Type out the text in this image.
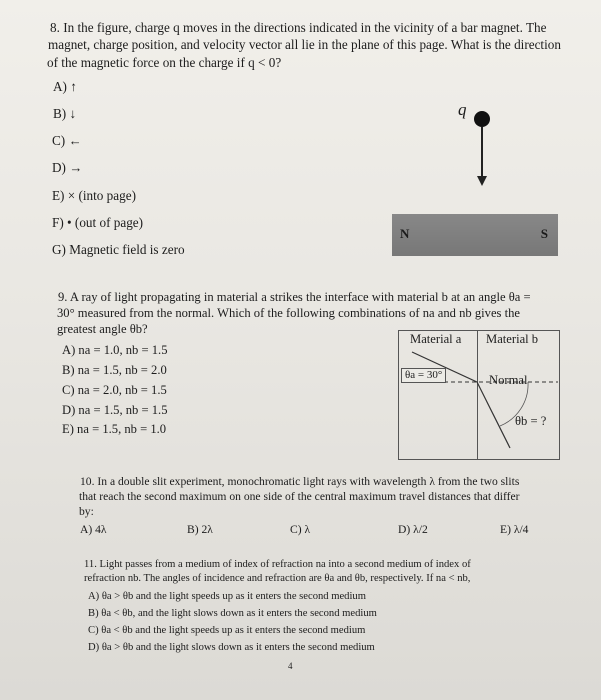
8. In the figure, charge q moves in the directions indicated in the vicinity of a bar magnet. The
magnet, charge position, and velocity vector all lie in the plane of this page. What is the direction
of the magnetic force on the charge if q < 0?
A) ↑
B) ↓
C) ←
D) →
E) × (into page)
F) • (out of page)
G) Magnetic field is zero
q
N	S
9. A ray of light propagating in material a strikes the interface with material b at an angle θa =
30° measured from the normal. Which of the following combinations of na and nb gives the
greatest angle θb?
A) na = 1.0, nb = 1.5
B) na = 1.5, nb = 2.0
C) na = 2.0, nb = 1.5
D) na = 1.5, nb = 1.5
E) na = 1.5, nb = 1.0
Material a Material b
θa = 30°	Normal
θb = ?
10. In a double slit experiment, monochromatic light rays with wavelength λ from the two slits
that reach the second maximum on one side of the central maximum travel distances that differ
by:
A) 4λ	B) 2λ	C) λ	D) λ/2	E) λ/4
11. Light passes from a medium of index of refraction na into a second medium of index of
refraction nb. The angles of incidence and refraction are θa and θb, respectively. If na < nb,
A) θa > θb and the light speeds up as it enters the second medium
B) θa < θb, and the light slows down as it enters the second medium
C) θa < θb and the light speeds up as it enters the second medium
D) θa > θb and the light slows down as it enters the second medium
4
